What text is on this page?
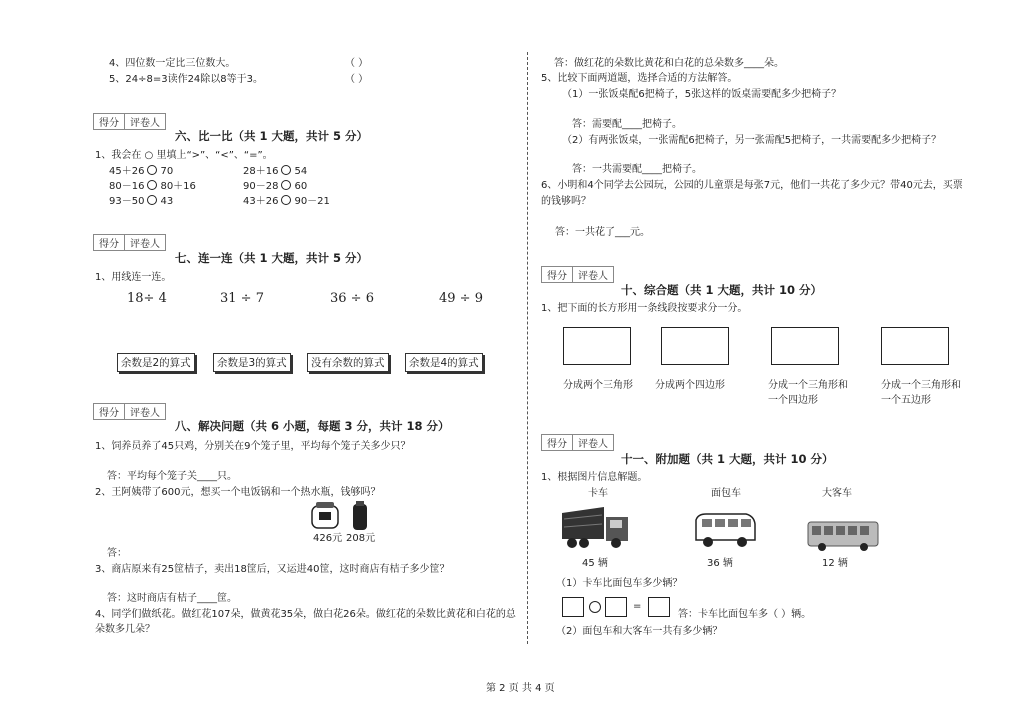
4、四位数一定比三位数大。	（ ）
5、24÷8=3读作24除以8等于3。	（ ）
得分	评卷人
六、比一比（共 1 大题，共计 5 分）
1、我会在 ○ 里填上“>”、“<”、“=”。
45＋26 70	28＋16 54
80－16 80＋16	90－28 60
93－50 43	43＋26 90－21
得分	评卷人
七、连一连（共 1 大题，共计 5 分）
1、用线连一连。
18÷ 4	31 ÷ 7	36 ÷ 6	49 ÷ 9
余数是2的算式	余数是3的算式	没有余数的算式	余数是4的算式
得分	评卷人
八、解决问题（共 6 小题，每题 3 分，共计 18 分）
1、饲养员养了45只鸡，分别关在9个笼子里，平均每个笼子关多少只？
答：平均每个笼子关____只。
2、王阿姨带了600元，想买一个电饭锅和一个热水瓶，钱够吗？
426元 208元
答：
3、商店原来有25筐桔子，卖出18筐后，又运进40筐，这时商店有桔子多少筐？
答：这时商店有桔子____筐。
4、同学们做纸花。做红花107朵，做黄花35朵，做白花26朵。做红花的朵数比黄花和白花的总
朵数多几朵？
答：做红花的朵数比黄花和白花的总朵数多____朵。
5、比较下面两道题，选择合适的方法解答。
（1）一张饭桌配6把椅子，5张这样的饭桌需要配多少把椅子？
答：需要配____把椅子。
（2）有两张饭桌，一张需配6把椅子，另一张需配5把椅子，一共需要配多少把椅子？
答：一共需要配____把椅子。
6、小明和4个同学去公园玩，公园的儿童票是每张7元，他们一共花了多少元？带40元去，买票
的钱够吗？
答：一共花了___元。
得分	评卷人
十、综合题（共 1 大题，共计 10 分）
1、把下面的长方形用一条线段按要求分一分。
分成两个三角形 分成两个四边形	分成一个三角形和
一个四边形
分成一个三角形和
一个五边形
得分	评卷人
十一、附加题（共 1 大题，共计 10 分）
1、根据图片信息解题。
卡车	面包车	大客车
45 辆	36 辆	12 辆
（1）卡车比面包车多少辆？
=
答：卡车比面包车多（ ）辆。
（2）面包车和大客车一共有多少辆？
第 2 页 共 4 页
